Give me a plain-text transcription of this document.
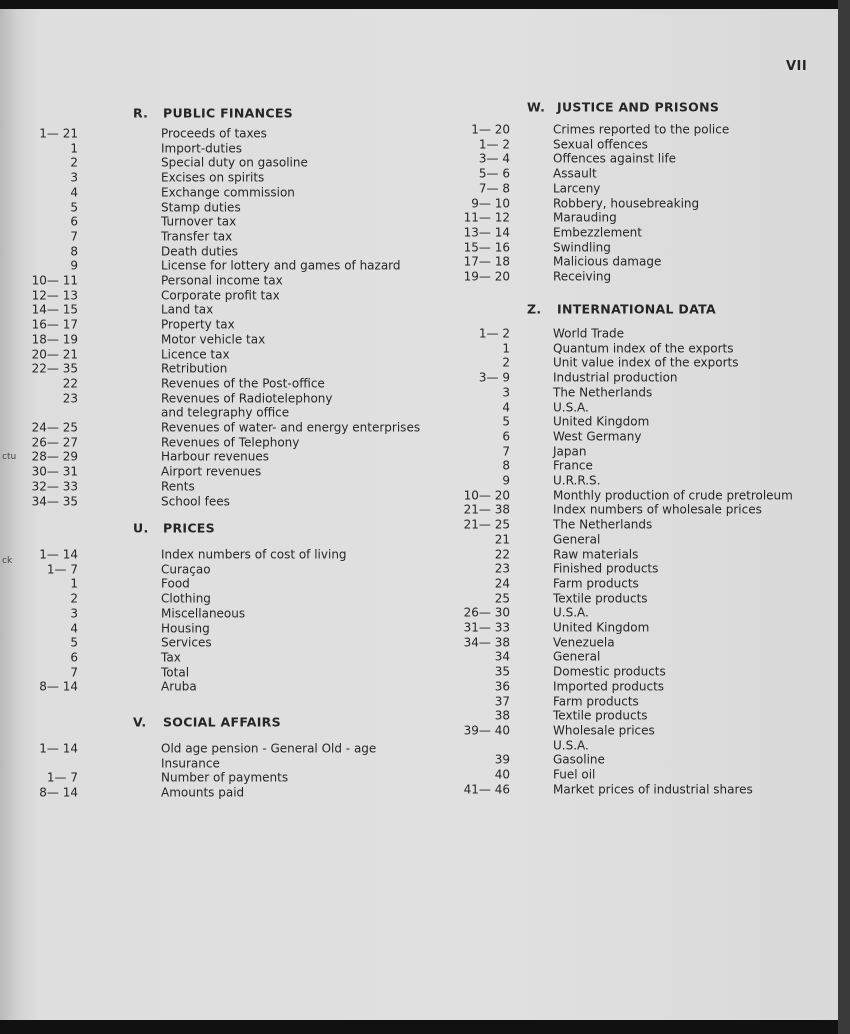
VII
ctu
ck
R. PUBLIC FINANCES
1— 21	Proceeds of taxes
1	Import-duties
2	Special duty on gasoline
3	Excises on spirits
4	Exchange commission
5	Stamp duties
6	Turnover tax
7	Transfer tax
8	Death duties
9	License for lottery and games of hazard
10— 11	Personal income tax
12— 13	Corporate profit tax
14— 15	Land tax
16— 17	Property tax
18— 19	Motor vehicle tax
20— 21	Licence tax
22— 35	Retribution
22	Revenues of the Post-office
23	Revenues of Radiotelephony
and telegraphy office
24— 25	Revenues of water- and energy enterprises
26— 27	Revenues of Telephony
28— 29	Harbour revenues
30— 31	Airport revenues
32— 33	Rents
34— 35	School fees
U. PRICES
1— 14	Index numbers of cost of living
1— 7	Curaçao
1	Food
2	Clothing
3	Miscellaneous
4	Housing
5	Services
6	Tax
7	Total
8— 14	Aruba
V. SOCIAL AFFAIRS
1— 14	Old age pension - General Old - age
Insurance
1— 7	Number of payments
8— 14	Amounts paid
W. JUSTICE AND PRISONS
1— 20	Crimes reported to the police
1— 2	Sexual offences
3— 4	Offences against life
5— 6	Assault
7— 8	Larceny
9— 10	Robbery, housebreaking
11— 12	Marauding
13— 14	Embezzlement
15— 16	Swindling
17— 18	Malicious damage
19— 20	Receiving
Z. INTERNATIONAL DATA
1— 2	World Trade
1	Quantum index of the exports
2	Unit value index of the exports
3— 9	Industrial production
3	The Netherlands
4	U.S.A.
5	United Kingdom
6	West Germany
7	Japan
8	France
9	U.R.R.S.
10— 20	Monthly production of crude pretroleum
21— 38	Index numbers of wholesale prices
21— 25	The Netherlands
21	General
22	Raw materials
23	Finished products
24	Farm products
25	Textile products
26— 30	U.S.A.
31— 33	United Kingdom
34— 38	Venezuela
34	General
35	Domestic products
36	Imported products
37	Farm products
38	Textile products
39— 40	Wholesale prices
U.S.A.
39	Gasoline
40	Fuel oil
41— 46	Market prices of industrial shares
